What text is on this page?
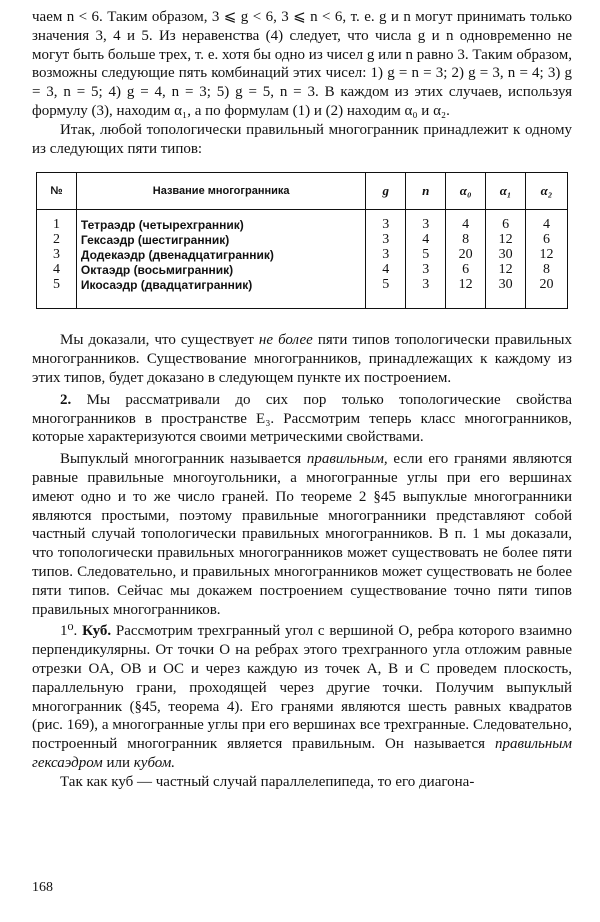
чаем n < 6. Таким образом, 3 ⩽ g < 6, 3 ⩽ n < 6, т. е. g и n могут принимать только значения 3, 4 и 5. Из неравенства (4) следует, что числа g и n одновременно не могут быть больше трех, т. е. хотя бы одно из чисел g или n равно 3. Таким образом, возможны следующие пять комбинаций этих чисел: 1) g = n = 3; 2) g = 3, n = 4; 3) g = 3, n = 5; 4) g = 4, n = 3; 5) g = 5, n = 3. В каждом из этих случаев, используя формулу (3), находим α₁, а по формулам (1) и (2) находим α₀ и α₂.

Итак, любой топологически правильный многогранник принадлежит к одному из следующих пяти типов:

№	Название многогранника	g	n	α₀	α₁	α₂
1	Тетраэдр (четырехгранник)	3	3	4	6	4
2	Гексаэдр (шестигранник)	3	4	8	12	6
3	Додекаэдр (двенадцатигранник)	3	5	20	30	12
4	Октаэдр (восьмигранник)	4	3	6	12	8
5	Икосаэдр (двадцатигранник)	5	3	12	30	20

Мы доказали, что существует не более пяти типов топологически правильных многогранников. Существование многогранников, принадлежащих к каждому из этих типов, будет доказано в следующем пункте их построением.

2. Мы рассматривали до сих пор только топологические свойства многогранников в пространстве E₃. Рассмотрим теперь класс многогранников, которые характеризуются своими метрическими свойствами.

Выпуклый многогранник называется правильным, если его гранями являются равные правильные многоугольники, а многогранные углы при его вершинах имеют одно и то же число граней. По теореме 2 §45 выпуклые многогранники являются простыми, поэтому правильные многогранники представляют собой частный случай топологически правильных многогранников. В п. 1 мы доказали, что топологически правильных многогранников может существовать не более пяти типов. Следовательно, и правильных многогранников может существовать не более пяти типов. Сейчас мы докажем построением существование точно пяти типов правильных многогранников.

1⁰. Куб. Рассмотрим трехгранный угол с вершиной O, ребра которого взаимно перпендикулярны. От точки O на ребрах этого трехгранного угла отложим равные отрезки OA, OB и OC и через каждую из точек A, B и C проведем плоскость, параллельную грани, проходящей через другие точки. Получим выпуклый многогранник (§45, теорема 4). Его гранями являются шесть равных квадратов (рис. 169), а многогранные углы при его вершинах все трехгранные. Следовательно, построенный многогранник является правильным. Он называется правильным гексаэдром или кубом.

Так как куб — частный случай параллелепипеда, то его диагона-

168
